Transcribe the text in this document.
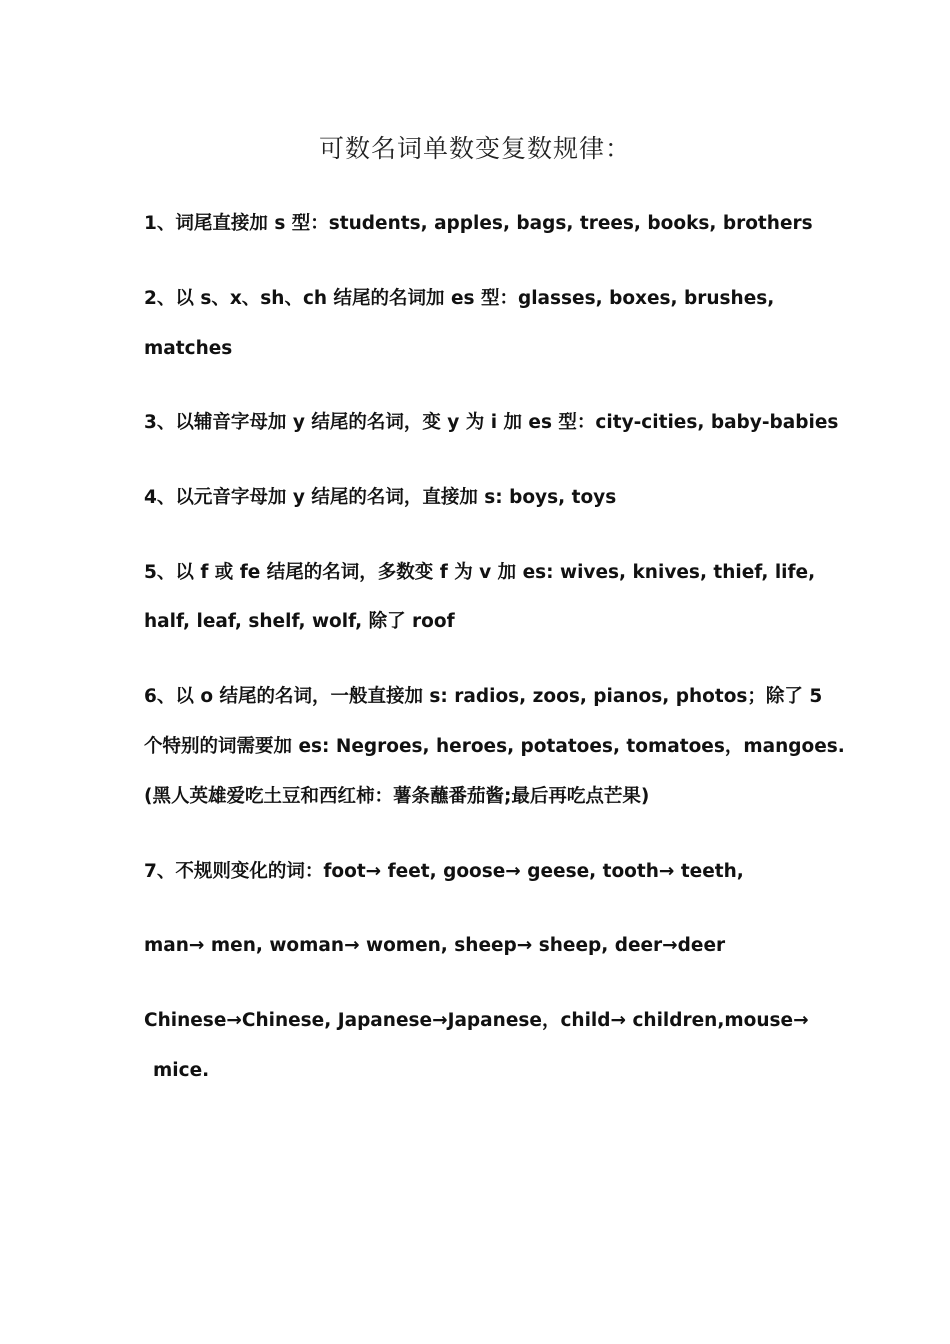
可数名词单数变复数规律：
1、词尾直接加 s 型：students, apples, bags, trees, books, brothers
2、以 s、x、sh、ch 结尾的名词加 es 型：glasses, boxes, brushes,
matches
3、以辅音字母加 y 结尾的名词，变 y 为 i 加 es 型：city-cities, baby-babies
4、以元音字母加 y 结尾的名词，直接加 s: boys, toys
5、以 f 或 fe 结尾的名词，多数变 f 为 v 加 es: wives, knives, thief, life,
half, leaf, shelf, wolf, 除了 roof
6、以 o 结尾的名词，一般直接加 s: radios, zoos, pianos, photos；除了 5
个特别的词需要加 es: Negroes, heroes, potatoes, tomatoes，mangoes.
(黑人英雄爱吃土豆和西红柿：薯条蘸番茄酱;最后再吃点芒果)
7、不规则变化的词：foot→ feet, goose→ geese, tooth→ teeth,
man→ men, woman→ women, sheep→ sheep, deer→deer
Chinese→Chinese, Japanese→Japanese，child→ children,mouse→
mice.
